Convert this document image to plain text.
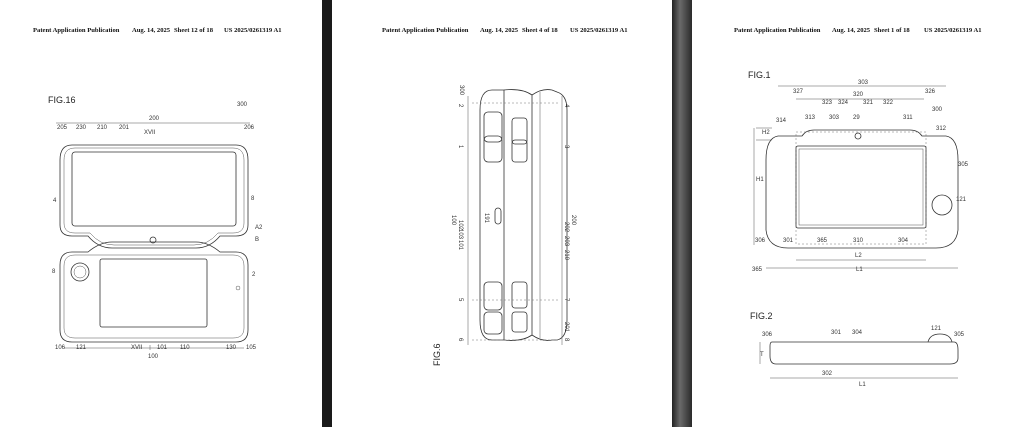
Patent Application Publication Aug. 14, 2025 Sheet 12 of 18 US 2025/0261319 A1
FIG.16
200
300
205 230 210 201
XVII
206
4	8
A2
B
8	2
106 121	XVII 101 110	130 105
100
Patent Application Publication Aug. 14, 2025 Sheet 4 of 18 US 2025/0261319 A1
300
2	4
1	3
100
101
102
103
191	200
210
202
203
201
5	7
6	8
FIG.6
Patent Application Publication Aug. 14, 2025 Sheet 1 of 18 US 2025/0261319 A1
FIG.1
FIG.2
303
327	320	326
323 324 321 322
300
314	313 303 29	311
312
H2
305
H1
121
306	301	365	310	304
L2
365	L1
306	301 304
121
305
T
302
L1
